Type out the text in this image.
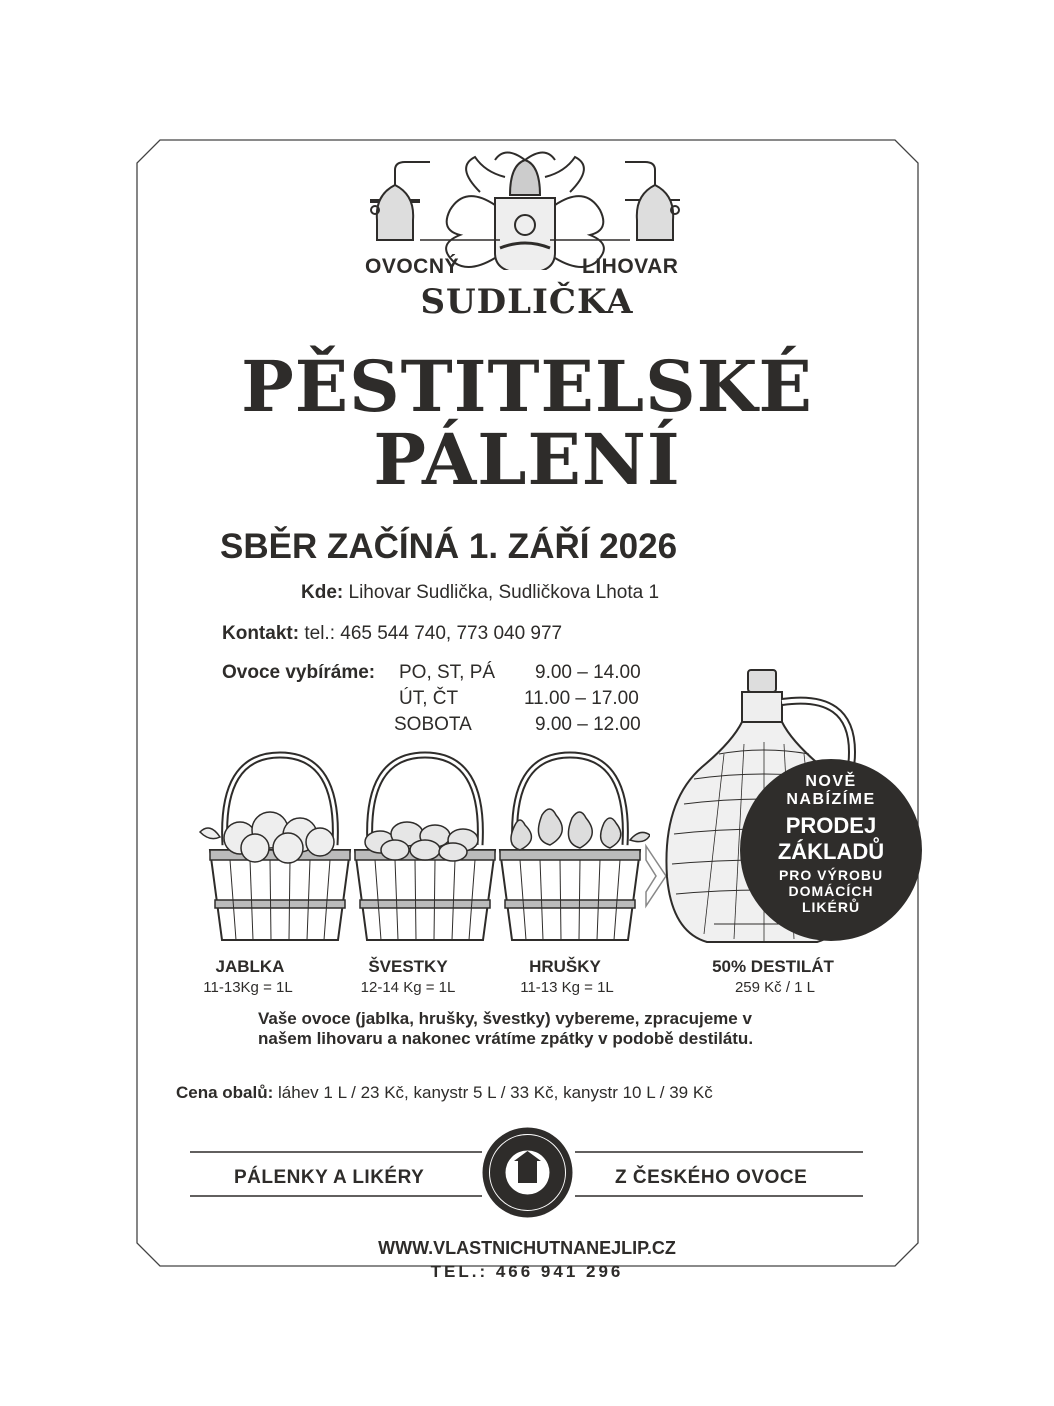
OVOCNÝ	LIHOVAR
SUDLIČKA
PĚSTITELSKÉ
PÁLENÍ
SBĚR ZAČÍNÁ 1. ZÁŘÍ 2026
Kde: Lihovar Sudlička, Sudličkova Lhota 1
Kontakt: tel.: 465 544 740, 773 040 977
Ovoce vybíráme: PO, ST, PÁ 9.00 – 14.00
ÚT, ČT	11.00 – 17.00
SOBOTA	9.00 – 12.00
NOVĚ
NABÍZÍME
PRODEJ
ZÁKLADŮ
PRO VÝROBU
DOMÁCÍCH
LIKÉRŮ
JABLKA
11-13Kg = 1L
ŠVESTKY
12-14 Kg = 1L
HRUŠKY
11-13 Kg = 1L
50% DESTILÁT
259 Kč / 1 L
Vaše ovoce (jablka, hrušky, švestky) vybereme, zpracujeme v
našem lihovaru a nakonec vrátíme zpátky v podobě destilátu.
Cena obalů: láhev 1 L / 23 Kč, kanystr 5 L / 33 Kč, kanystr 10 L / 39 Kč
PÁLENKY A LIKÉRY	Z ČESKÉHO OVOCE
WWW.VLASTNICHUTNANEJLIP.CZ
TEL.: 466 941 296
